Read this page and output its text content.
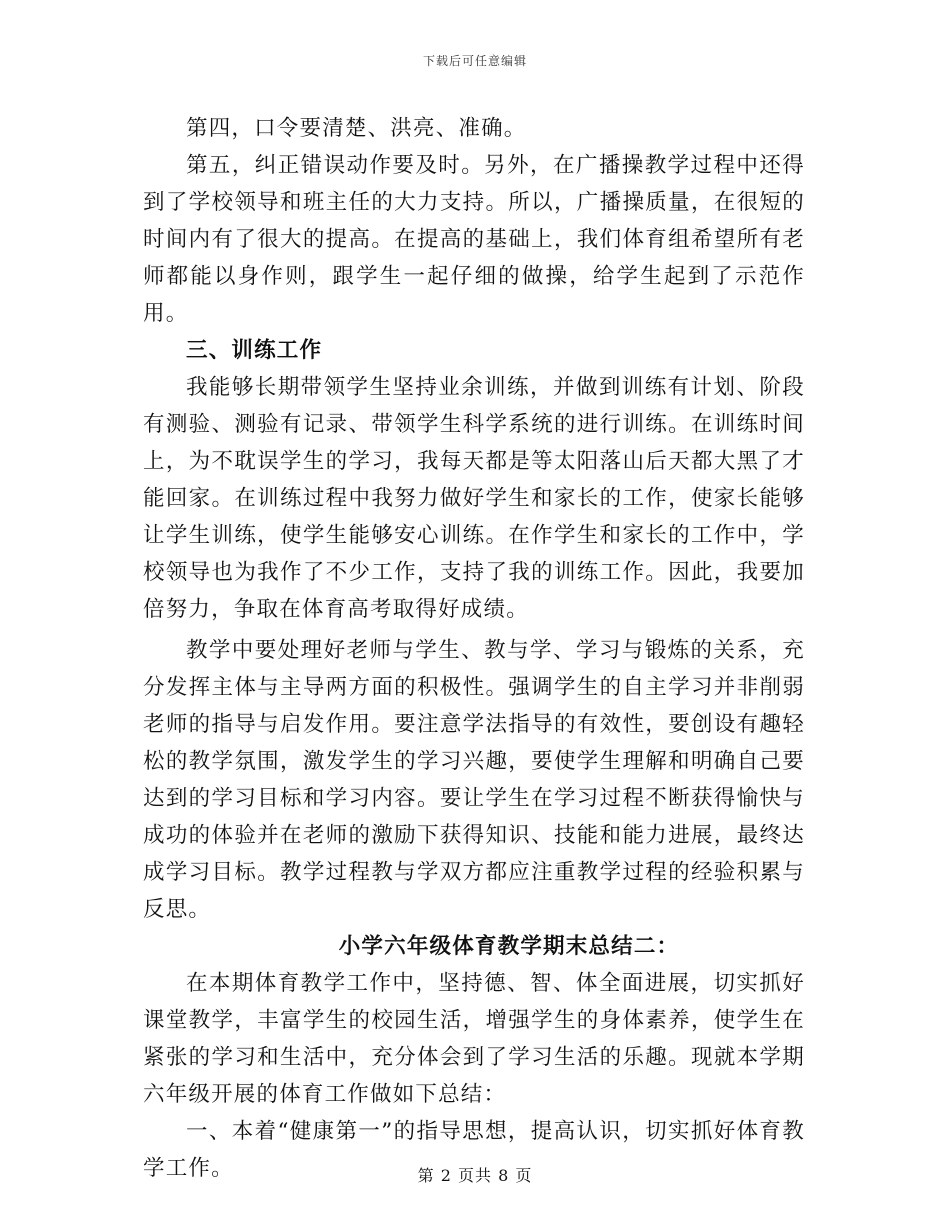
下载后可任意编辑

第四，口令要清楚、洪亮、准确。

第五，纠正错误动作要及时。另外，在广播操教学过程中还得到了学校领导和班主任的大力支持。所以，广播操质量，在很短的时间内有了很大的提高。在提高的基础上，我们体育组希望所有老师都能以身作则，跟学生一起仔细的做操，给学生起到了示范作用。

三、训练工作

我能够长期带领学生坚持业余训练，并做到训练有计划、阶段有测验、测验有记录、带领学生科学系统的进行训练。在训练时间上，为不耽误学生的学习，我每天都是等太阳落山后天都大黑了才能回家。在训练过程中我努力做好学生和家长的工作，使家长能够让学生训练，使学生能够安心训练。在作学生和家长的工作中，学校领导也为我作了不少工作，支持了我的训练工作。因此，我要加倍努力，争取在体育高考取得好成绩。

教学中要处理好老师与学生、教与学、学习与锻炼的关系，充分发挥主体与主导两方面的积极性。强调学生的自主学习并非削弱老师的指导与启发作用。要注意学法指导的有效性，要创设有趣轻松的教学氛围，激发学生的学习兴趣，要使学生理解和明确自己要达到的学习目标和学习内容。要让学生在学习过程不断获得愉快与成功的体验并在老师的激励下获得知识、技能和能力进展，最终达成学习目标。教学过程教与学双方都应注重教学过程的经验积累与反思。

小学六年级体育教学期末总结二：

在本期体育教学工作中，坚持德、智、体全面进展，切实抓好课堂教学，丰富学生的校园生活，增强学生的身体素养，使学生在紧张的学习和生活中，充分体会到了学习生活的乐趣。现就本学期六年级开展的体育工作做如下总结：

一、本着“健康第一”的指导思想，提高认识，切实抓好体育教学工作。	第 2 页共 8 页
